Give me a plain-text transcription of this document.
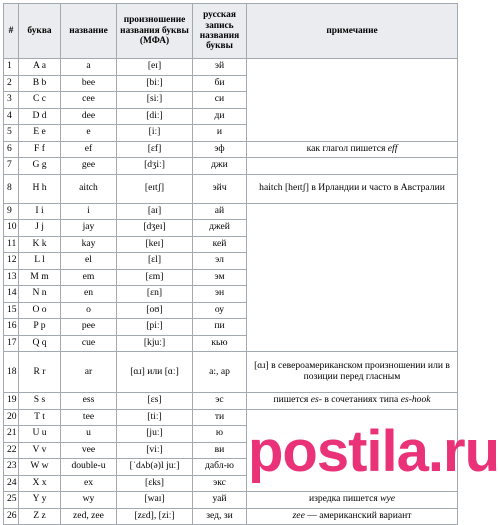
#	буква	название	произношение названия буквы (МФА)	русская запись названия буквы	примечание
1	A a	a	[eɪ]	эй	
2	B b	bee	[biː]	би	
3	C c	cee	[siː]	си	
4	D d	dee	[diː]	ди	
5	E e	e	[iː]	и	
6	F f	ef	[ɛf]	эф	как глагол пишется eff
7	G g	gee	[dʒiː]	джи	
8	H h	aitch	[eɪtʃ]	эйч	haitch [heɪtʃ] в Ирландии и часто в Австралии
9	I i	i	[aɪ]	ай	
10	J j	jay	[dʒeɪ]	джей	
11	K k	kay	[keɪ]	кей	
12	L l	el	[ɛl]	эл	
13	M m	em	[ɛm]	эм	
14	N n	en	[ɛn]	эн	
15	O o	o	[oʊ]	оу	
16	P p	pee	[piː]	пи	
17	Q q	cue	[kjuː]	кью	
18	R r	ar	[ɑɹ] или [ɑː]	а:, ар	[ɑɹ] в североамериканском произношении или в позиции перед гласным
19	S s	ess	[ɛs]	эс	пишется es- в сочетаниях типа es-hook
20	T t	tee	[tiː]	ти	
21	U u	u	[juː]	ю	
22	V v	vee	[viː]	ви	
23	W w	double-u	[ˈdʌb(ə)l juː]	дабл-ю	
24	X x	ex	[ɛks]	экс	
25	Y y	wy	[waɪ]	уай	изредка пишется wye
26	Z z	zed, zee	[zɛd], [ziː]	зед, зи	zee — американский вариант
postila.ru
